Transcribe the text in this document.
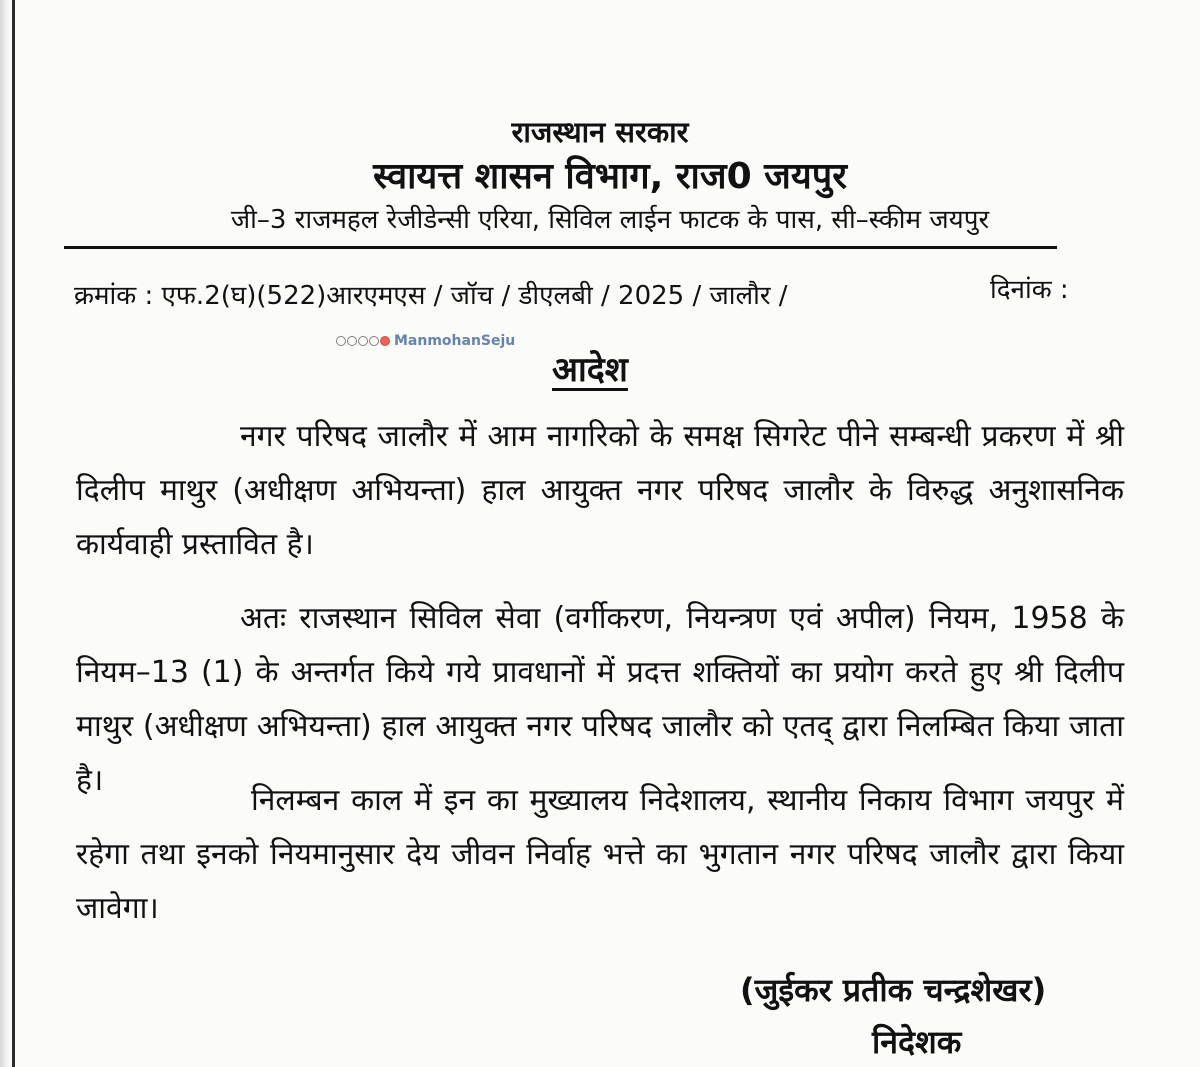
राजस्थान सरकार
स्वायत्त शासन विभाग, राज0 जयपुर
जी–3 राजमहल रेजीडेन्सी एरिया, सिविल लाईन फाटक के पास, सी–स्कीम जयपुर
क्रमांक : एफ.2(घ)(522)आरएमएस / जॉच / डीएलबी / 2025 / जालौर /	दिनांक :
ManmohanSeju
आदेश

नगर परिषद जालौर में आम नागरिको के समक्ष सिगरेट पीने सम्बन्धी प्रकरण में श्री दिलीप माथुर (अधीक्षण अभियन्ता) हाल आयुक्त नगर परिषद जालौर के विरुद्ध अनुशासनिक कार्यवाही प्रस्तावित है।

अतः राजस्थान सिविल सेवा (वर्गीकरण, नियन्त्रण एवं अपील) नियम, 1958 के नियम–13 (1) के अन्तर्गत किये गये प्रावधानों में प्रदत्त शक्तियों का प्रयोग करते हुए श्री दिलीप माथुर (अधीक्षण अभियन्ता) हाल आयुक्त नगर परिषद जालौर को एतद् द्वारा निलम्बित किया जाता है।

निलम्बन काल में इन का मुख्यालय निदेशालय, स्थानीय निकाय विभाग जयपुर में रहेगा तथा इनको नियमानुसार देय जीवन निर्वाह भत्ते का भुगतान नगर परिषद जालौर द्वारा किया जावेगा।

(जुईकर प्रतीक चन्द्रशेखर)
निदेशक
